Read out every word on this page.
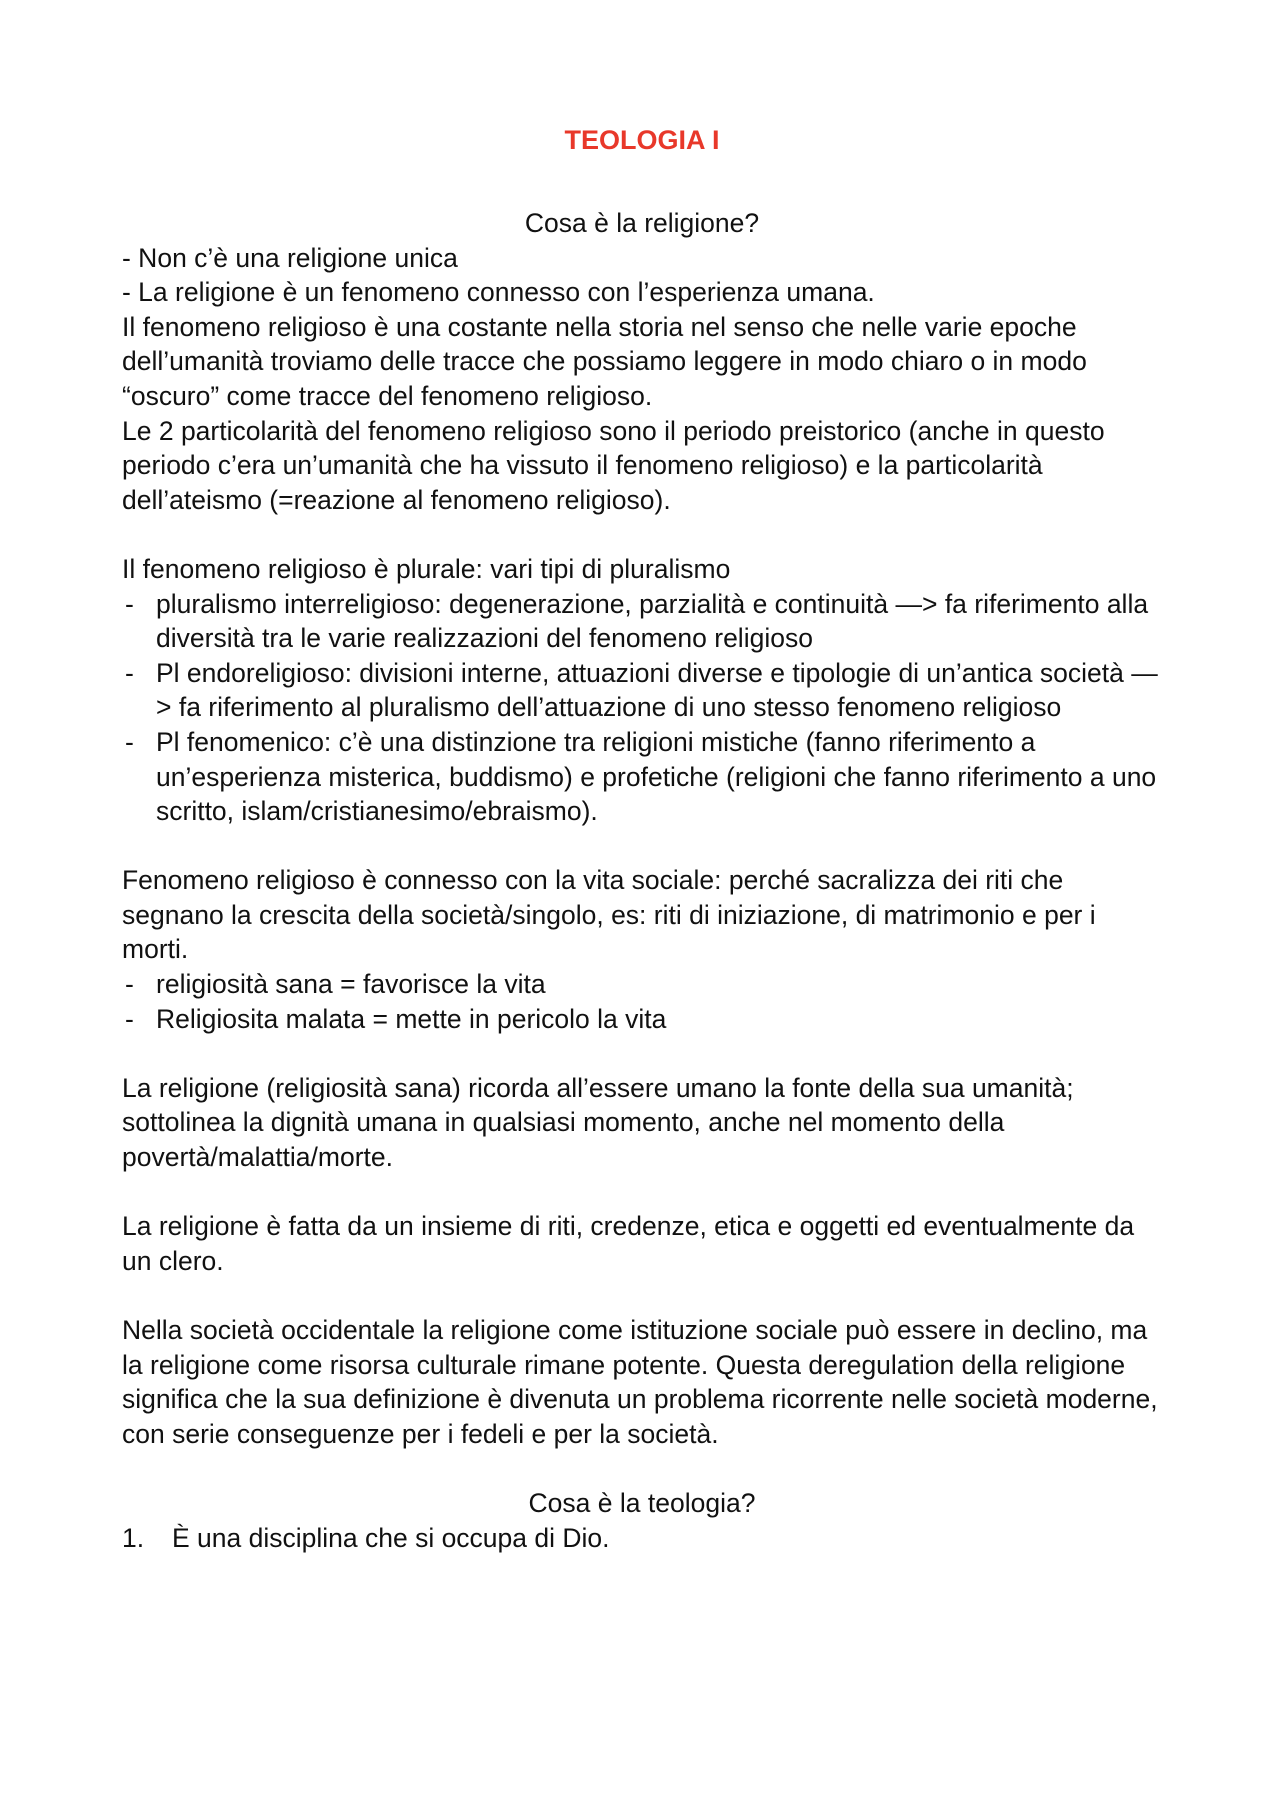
TEOLOGIA I

Cosa è la religione?

- Non c’è una religione unica

- La religione è un fenomeno connesso con l’esperienza umana.

Il fenomeno religioso è una costante nella storia nel senso che nelle varie epoche dell’umanità troviamo delle tracce che possiamo leggere in modo chiaro o in modo “oscuro” come tracce del fenomeno religioso.

Le 2 particolarità del fenomeno religioso sono il periodo preistorico (anche in questo periodo c’era un’umanità che ha vissuto il fenomeno religioso) e la particolarità dell’ateismo (=reazione al fenomeno religioso).

Il fenomeno religioso è plurale: vari tipi di pluralismo

- pluralismo interreligioso: degenerazione, parzialità e continuità —> fa riferimento alla diversità tra le varie realizzazioni del fenomeno religioso
- Pl endoreligioso: divisioni interne, attuazioni diverse e tipologie di un’antica società —> fa riferimento al pluralismo dell’attuazione di uno stesso fenomeno religioso
- Pl fenomenico: c’è una distinzione tra religioni mistiche (fanno riferimento a un’esperienza misterica, buddismo) e profetiche (religioni che fanno riferimento a uno scritto, islam/cristianesimo/ebraismo).

Fenomeno religioso è connesso con la vita sociale: perché sacralizza dei riti che segnano la crescita della società/singolo, es: riti di iniziazione, di matrimonio e per i morti.

- religiosità sana = favorisce la vita
- Religiosita malata = mette in pericolo la vita

La religione (religiosità sana) ricorda all’essere umano la fonte della sua umanità; sottolinea la dignità umana in qualsiasi momento, anche nel momento della povertà/malattia/morte.

La religione è fatta da un insieme di riti, credenze, etica e oggetti ed eventualmente da un clero.

Nella società occidentale la religione come istituzione sociale può essere in declino, ma la religione come risorsa culturale rimane potente. Questa deregulation della religione significa che la sua definizione è divenuta un problema ricorrente nelle società moderne, con serie conseguenze per i fedeli e per la società.

Cosa è la teologia?

1. È una disciplina che si occupa di Dio.
